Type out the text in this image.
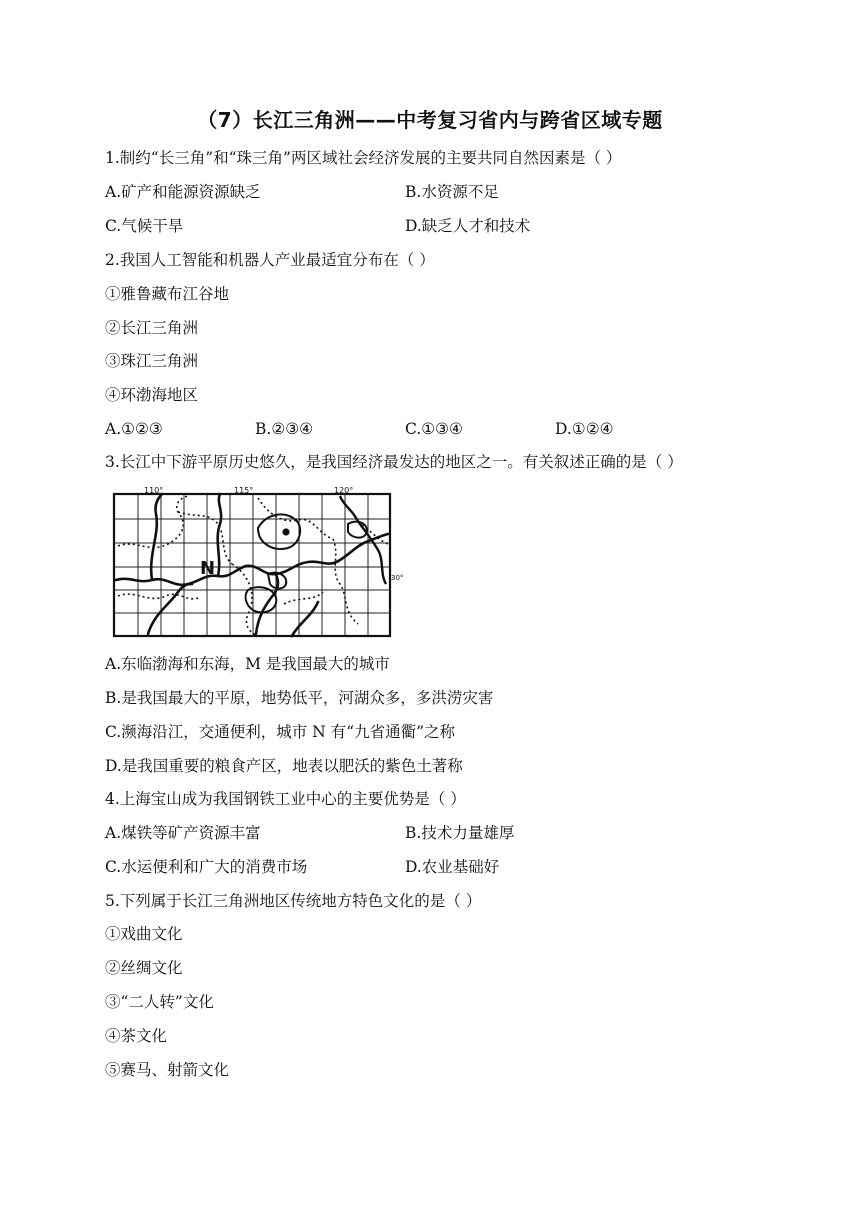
（7）长江三角洲——中考复习省内与跨省区域专题
1.制约“长三角”和“珠三角”两区域社会经济发展的主要共同自然因素是（ ）
A.矿产和能源资源缺乏	B.水资源不足
C.气候干旱	D.缺乏人才和技术
2.我国人工智能和机器人产业最适宜分布在（ ）
①雅鲁藏布江谷地
②长江三角洲
③珠江三角洲
④环渤海地区
A.①②③	B.②③④	C.①③④	D.①②④
3.长江中下游平原历史悠久，是我国经济最发达的地区之一。有关叙述正确的是（ ）
110°	115°	120°
30°
N
A.东临渤海和东海，M 是我国最大的城市
B.是我国最大的平原，地势低平，河湖众多，多洪涝灾害
C.濒海沿江，交通便利，城市 N 有“九省通衢”之称
D.是我国重要的粮食产区，地表以肥沃的紫色土著称
4.上海宝山成为我国钢铁工业中心的主要优势是（ ）
A.煤铁等矿产资源丰富	B.技术力量雄厚
C.水运便利和广大的消费市场	D.农业基础好
5.下列属于长江三角洲地区传统地方特色文化的是（ ）
①戏曲文化
②丝绸文化
③“二人转”文化
④茶文化
⑤赛马、射箭文化
